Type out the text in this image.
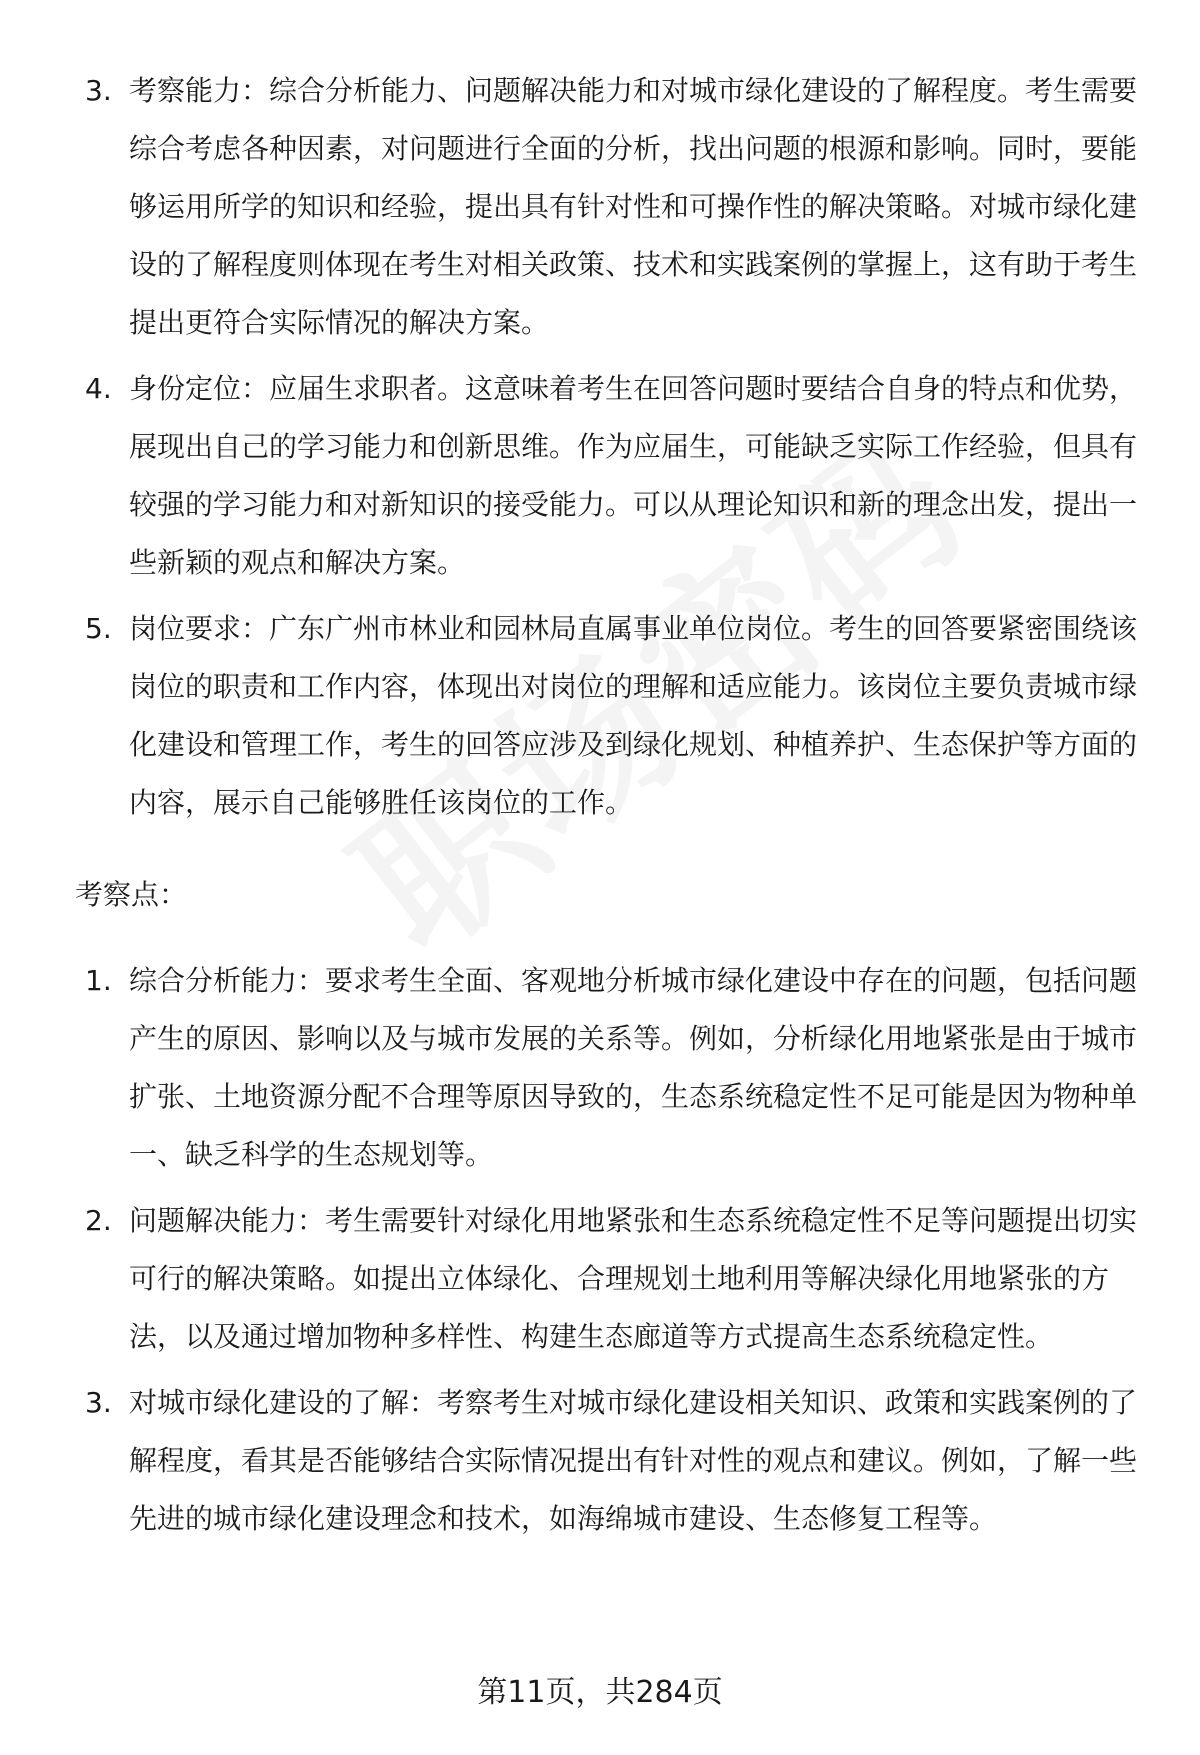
3. 考察能力：综合分析能力、问题解决能力和对城市绿化建设的了解程度。考生需要综合考虑各种因素，对问题进行全面的分析，找出问题的根源和影响。同时，要能够运用所学的知识和经验，提出具有针对性和可操作性的解决策略。对城市绿化建设的了解程度则体现在考生对相关政策、技术和实践案例的掌握上，这有助于考生提出更符合实际情况的解决方案。
4. 身份定位：应届生求职者。这意味着考生在回答问题时要结合自身的特点和优势，展现出自己的学习能力和创新思维。作为应届生，可能缺乏实际工作经验，但具有较强的学习能力和对新知识的接受能力。可以从理论知识和新的理念出发，提出一些新颖的观点和解决方案。
5. 岗位要求：广东广州市林业和园林局直属事业单位岗位。考生的回答要紧密围绕该岗位的职责和工作内容，体现出对岗位的理解和适应能力。该岗位主要负责城市绿化建设和管理工作，考生的回答应涉及到绿化规划、种植养护、生态保护等方面的内容，展示自己能够胜任该岗位的工作。
考察点：
1. 综合分析能力：要求考生全面、客观地分析城市绿化建设中存在的问题，包括问题产生的原因、影响以及与城市发展的关系等。例如，分析绿化用地紧张是由于城市扩张、土地资源分配不合理等原因导致的，生态系统稳定性不足可能是因为物种单一、缺乏科学的生态规划等。
2. 问题解决能力：考生需要针对绿化用地紧张和生态系统稳定性不足等问题提出切实可行的解决策略。如提出立体绿化、合理规划土地利用等解决绿化用地紧张的方法，以及通过增加物种多样性、构建生态廊道等方式提高生态系统稳定性。
3. 对城市绿化建设的了解：考察考生对城市绿化建设相关知识、政策和实践案例的了解程度，看其是否能够结合实际情况提出有针对性的观点和建议。例如，了解一些先进的城市绿化建设理念和技术，如海绵城市建设、生态修复工程等。
第11页，共284页
